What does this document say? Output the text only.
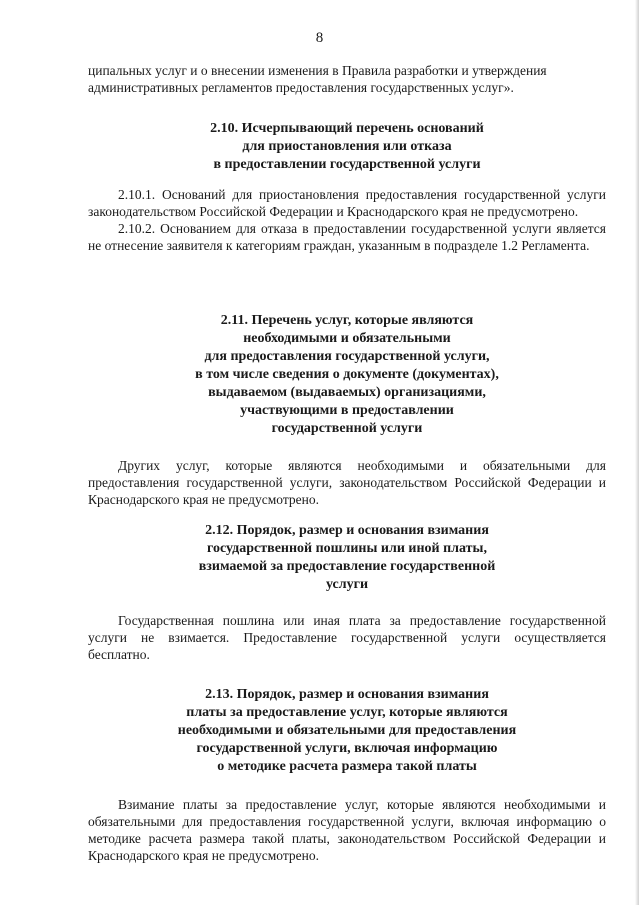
8

ципальных услуг и о внесении изменения в Правила разработки и утверждения

административных регламентов предоставления государственных услуг».

2.10. Исчерпывающий перечень оснований
для приостановления или отказа
в предоставлении государственной услуги

2.10.1. Оснований для приостановления предоставления государственной услуги законодательством Российской Федерации и Краснодарского края не предусмотрено.

2.10.2. Основанием для отказа в предоставлении государственной услуги является не отнесение заявителя к категориям граждан, указанным в подразделе 1.2 Регламента.

2.11. Перечень услуг, которые являются
необходимыми и обязательными
для предоставления государственной услуги,
в том числе сведения о документе (документах),
выдаваемом (выдаваемых) организациями,
участвующими в предоставлении
государственной услуги

Других услуг, которые являются необходимыми и обязательными для предоставления государственной услуги, законодательством Российской Федерации и Краснодарского края не предусмотрено.

2.12. Порядок, размер и основания взимания
государственной пошлины или иной платы,
взимаемой за предоставление государственной
услуги

Государственная пошлина или иная плата за предоставление государственной услуги не взимается. Предоставление государственной услуги осуществляется бесплатно.

2.13. Порядок, размер и основания взимания
платы за предоставление услуг, которые являются
необходимыми и обязательными для предоставления
государственной услуги, включая информацию
о методике расчета размера такой платы

Взимание платы за предоставление услуг, которые являются необходимыми и обязательными для предоставления государственной услуги, включая информацию о методике расчета размера такой платы, законодательством Российской Федерации и Краснодарского края не предусмотрено.
